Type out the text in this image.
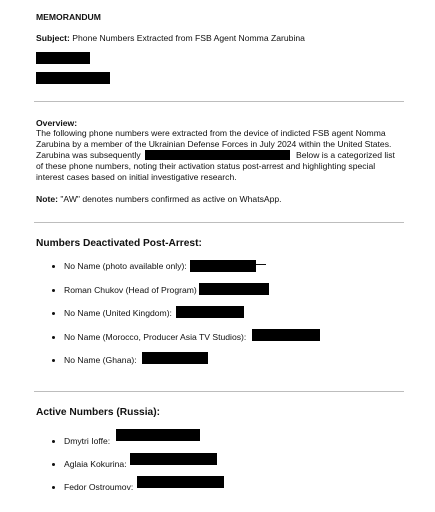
MEMORANDUM
Subject: Phone Numbers Extracted from FSB Agent Nomma Zarubina
Overview:
The following phone numbers were extracted from the device of indicted FSB agent Nomma
Zarubina by a member of the Ukrainian Defense Forces in July 2024 within the United States.
Zarubina was subsequently	Below is a categorized list
of these phone numbers, noting their activation status post-arrest and highlighting special
interest cases based on initial investigative research.
Note: "AW" denotes numbers confirmed as active on WhatsApp.
Numbers Deactivated Post-Arrest:
No Name (photo available only):
Roman Chukov (Head of Program)
No Name (United Kingdom):
No Name (Morocco, Producer Asia TV Studios):
No Name (Ghana):
Active Numbers (Russia):
Dmytri Ioffe:
Aglaia Kokurina:
Fedor Ostroumov:
